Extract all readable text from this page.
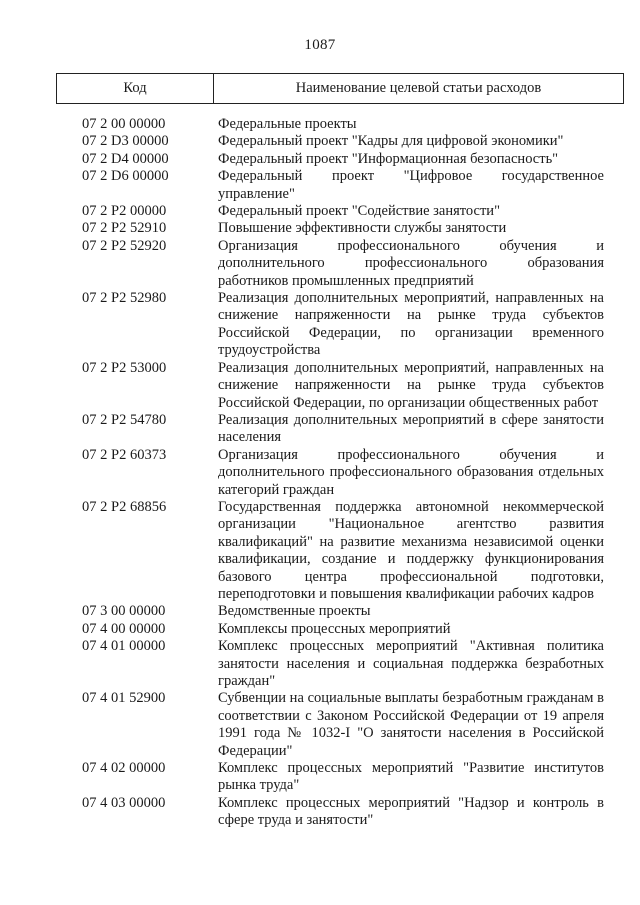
1087
Код	Наименование целевой статьи расходов
07 2 00 00000	Федеральные проекты
07 2 D3 00000	Федеральный проект "Кадры для цифровой экономики"
07 2 D4 00000	Федеральный проект "Информационная безопасность"
07 2 D6 00000	Федеральный проект "Цифровое государственное управление"
07 2 P2 00000	Федеральный проект "Содействие занятости"
07 2 P2 52910	Повышение эффективности службы занятости
07 2 P2 52920	Организация профессионального обучения и дополнительного профессионального образования работников промышленных предприятий
07 2 P2 52980	Реализация дополнительных мероприятий, направленных на снижение напряженности на рынке труда субъектов Российской Федерации, по организации временного трудоустройства
07 2 P2 53000	Реализация дополнительных мероприятий, направленных на снижение напряженности на рынке труда субъектов Российской Федерации, по организации общественных работ
07 2 P2 54780	Реализация дополнительных мероприятий в сфере занятости населения
07 2 P2 60373	Организация профессионального обучения и дополнительного профессионального образования отдельных категорий граждан
07 2 P2 68856	Государственная поддержка автономной некоммерческой организации "Национальное агентство развития квалификаций" на развитие механизма независимой оценки квалификации, создание и поддержку функционирования базового центра профессиональной подготовки, переподготовки и повышения квалификации рабочих кадров
07 3 00 00000	Ведомственные проекты
07 4 00 00000	Комплексы процессных мероприятий
07 4 01 00000	Комплекс процессных мероприятий "Активная политика занятости населения и социальная поддержка безработных граждан"
07 4 01 52900	Субвенции на социальные выплаты безработным гражданам в соответствии с Законом Российской Федерации от 19 апреля 1991 года № 1032-I "О занятости населения в Российской Федерации"
07 4 02 00000	Комплекс процессных мероприятий "Развитие институтов рынка труда"
07 4 03 00000	Комплекс процессных мероприятий "Надзор и контроль в сфере труда и занятости"
